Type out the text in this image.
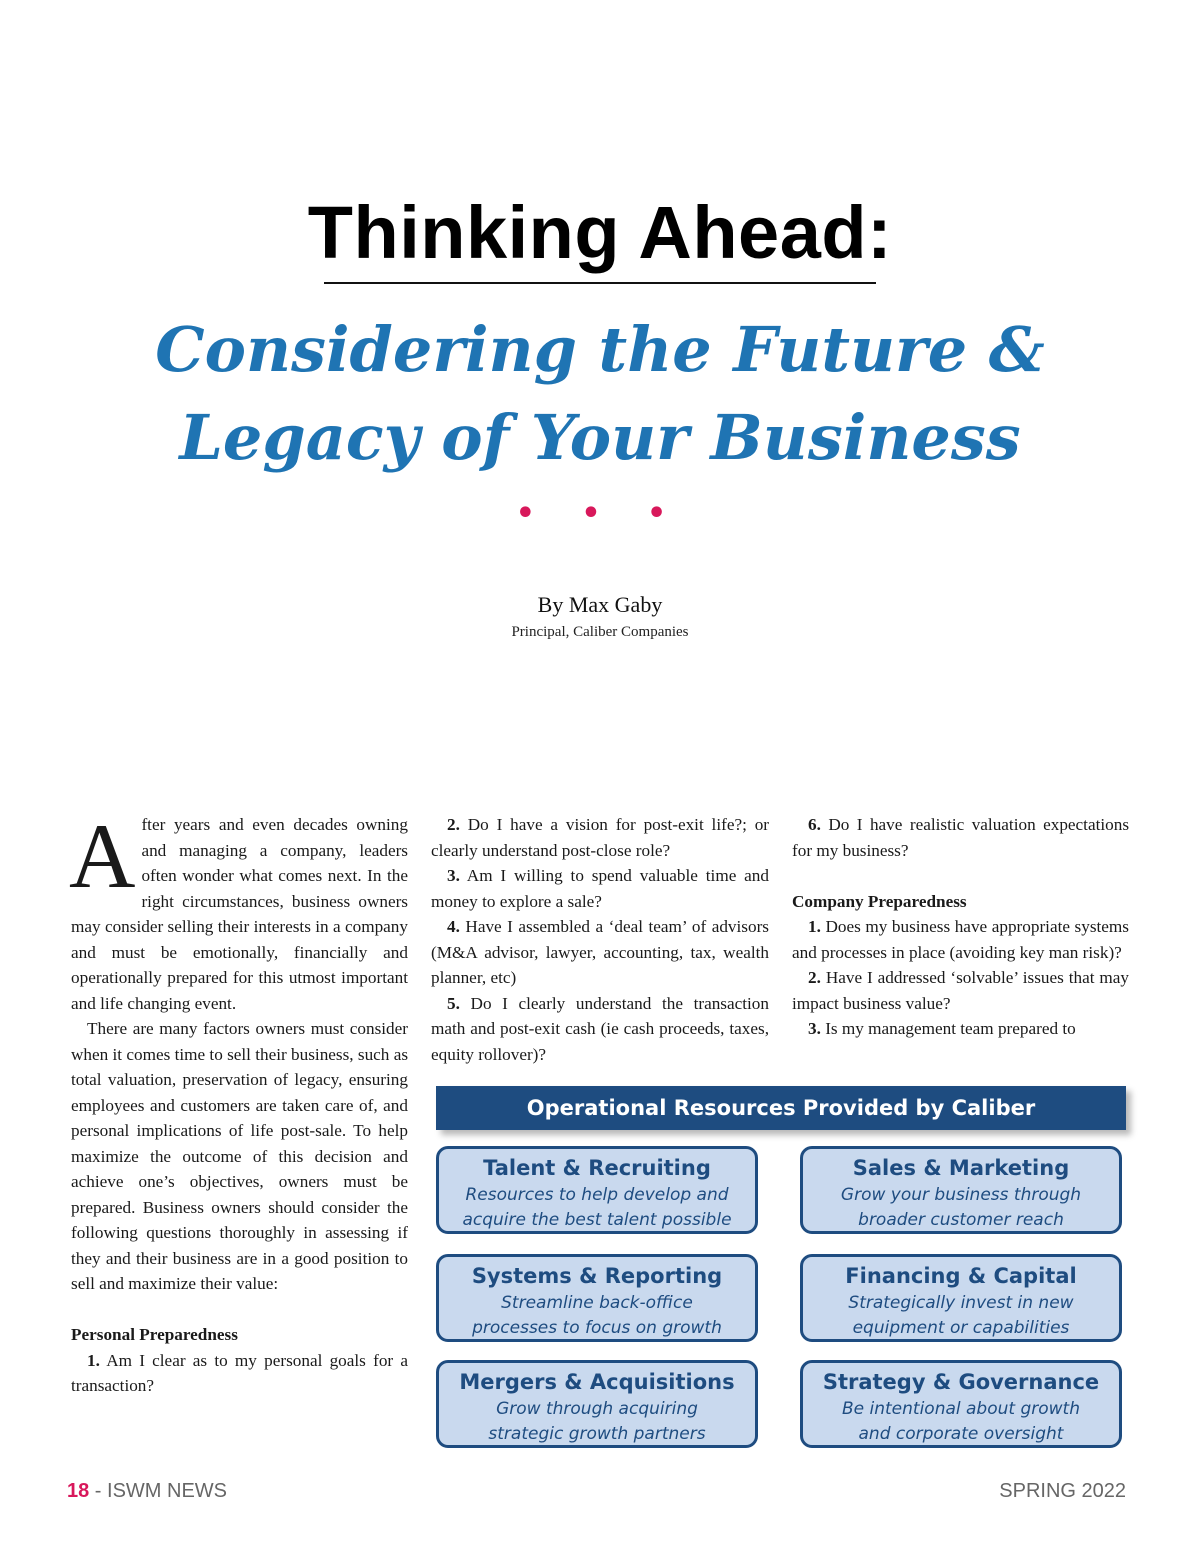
Thinking Ahead:
Considering the Future &
Legacy of Your Business
• • •
By Max Gaby
Principal, Caliber Companies

After years and even decades owning and managing a company, leaders often wonder what comes next. In the right circumstances, business owners may consider selling their interests in a company and must be emotionally, financially and operationally prepared for this utmost important and life changing event.

There are many factors owners must consider when it comes time to sell their business, such as total valuation, preservation of legacy, ensuring employees and customers are taken care of, and personal implications of life post-sale. To help maximize the outcome of this decision and achieve one’s objectives, owners must be prepared. Business owners should consider the following questions thoroughly in assessing if they and their business are in a good position to sell and maximize their value:

Personal Preparedness

1. Am I clear as to my personal goals for a transaction?

2. Do I have a vision for post-exit life?; or clearly understand post-close role?

3. Am I willing to spend valuable time and money to explore a sale?

4. Have I assembled a ‘deal team’ of advisors (M&A advisor, lawyer, accounting, tax, wealth planner, etc)

5. Do I clearly understand the transaction math and post-exit cash (ie cash proceeds, taxes, equity rollover)?

6. Do I have realistic valuation expectations for my business?

Company Preparedness

1. Does my business have appropriate systems and processes in place (avoiding key man risk)?

2. Have I addressed ‘solvable’ issues that may impact business value?

3. Is my management team prepared to

Operational Resources Provided by Caliber
Talent & Recruiting
Resources to help develop and
acquire the best talent possible
Sales & Marketing
Grow your business through
broader customer reach
Systems & Reporting
Streamline back-office
processes to focus on growth
Financing & Capital
Strategically invest in new
equipment or capabilities
Mergers & Acquisitions
Grow through acquiring
strategic growth partners
Strategy & Governance
Be intentional about growth
and corporate oversight
18 - ISWM NEWS	SPRING 2022
